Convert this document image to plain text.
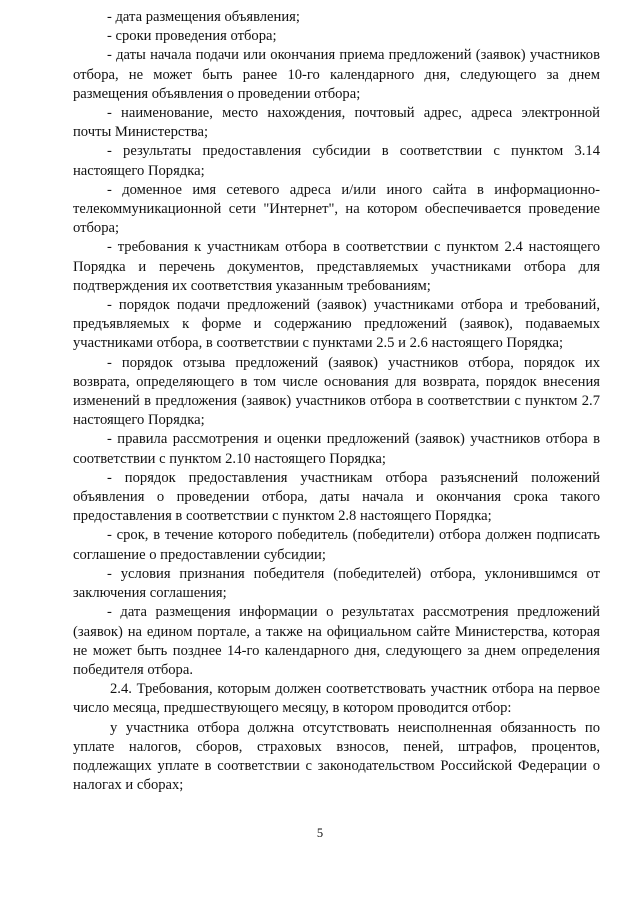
- дата размещения объявления;

- сроки проведения отбора;

- даты начала подачи или окончания приема предложений (заявок) участников отбора, не может быть ранее 10-го календарного дня, следующего за днем размещения объявления о проведении отбора;

- наименование, место нахождения, почтовый адрес, адреса электронной почты Министерства;

- результаты предоставления субсидии в соответствии с пунктом 3.14 настоящего Порядка;

- доменное имя сетевого адреса и/или иного сайта в информационно-телекоммуникационной сети "Интернет", на котором обеспечивается проведение отбора;

- требования к участникам отбора в соответствии с пунктом 2.4 настоящего Порядка и перечень документов, представляемых участниками отбора для подтверждения их соответствия указанным требованиям;

- порядок подачи предложений (заявок) участниками отбора и требований, предъявляемых к форме и содержанию предложений (заявок), подаваемых участниками отбора, в соответствии с пунктами 2.5 и 2.6 настоящего Порядка;

- порядок отзыва предложений (заявок) участников отбора, порядок их возврата, определяющего в том числе основания для возврата, порядок внесения изменений в предложения (заявок) участников отбора в соответствии с пунктом 2.7 настоящего Порядка;

- правила рассмотрения и оценки предложений (заявок) участников отбора в соответствии с пунктом 2.10 настоящего Порядка;

- порядок предоставления участникам отбора разъяснений положений объявления о проведении отбора, даты начала и окончания срока такого предоставления в соответствии с пунктом 2.8 настоящего Порядка;

- срок, в течение которого победитель (победители) отбора должен подписать соглашение о предоставлении субсидии;

- условия признания победителя (победителей) отбора, уклонившимся от заключения соглашения;

- дата размещения информации о результатах рассмотрения предложений (заявок) на едином портале, а также на официальном сайте Министерства, которая не может быть позднее 14-го календарного дня, следующего за днем определения победителя отбора.

2.4. Требования, которым должен соответствовать участник отбора на первое число месяца, предшествующего месяцу, в котором проводится отбор:

у участника отбора должна отсутствовать неисполненная обязанность по уплате налогов, сборов, страховых взносов, пеней, штрафов, процентов, подлежащих уплате в соответствии с законодательством Российской Федерации о налогах и сборах;

5
